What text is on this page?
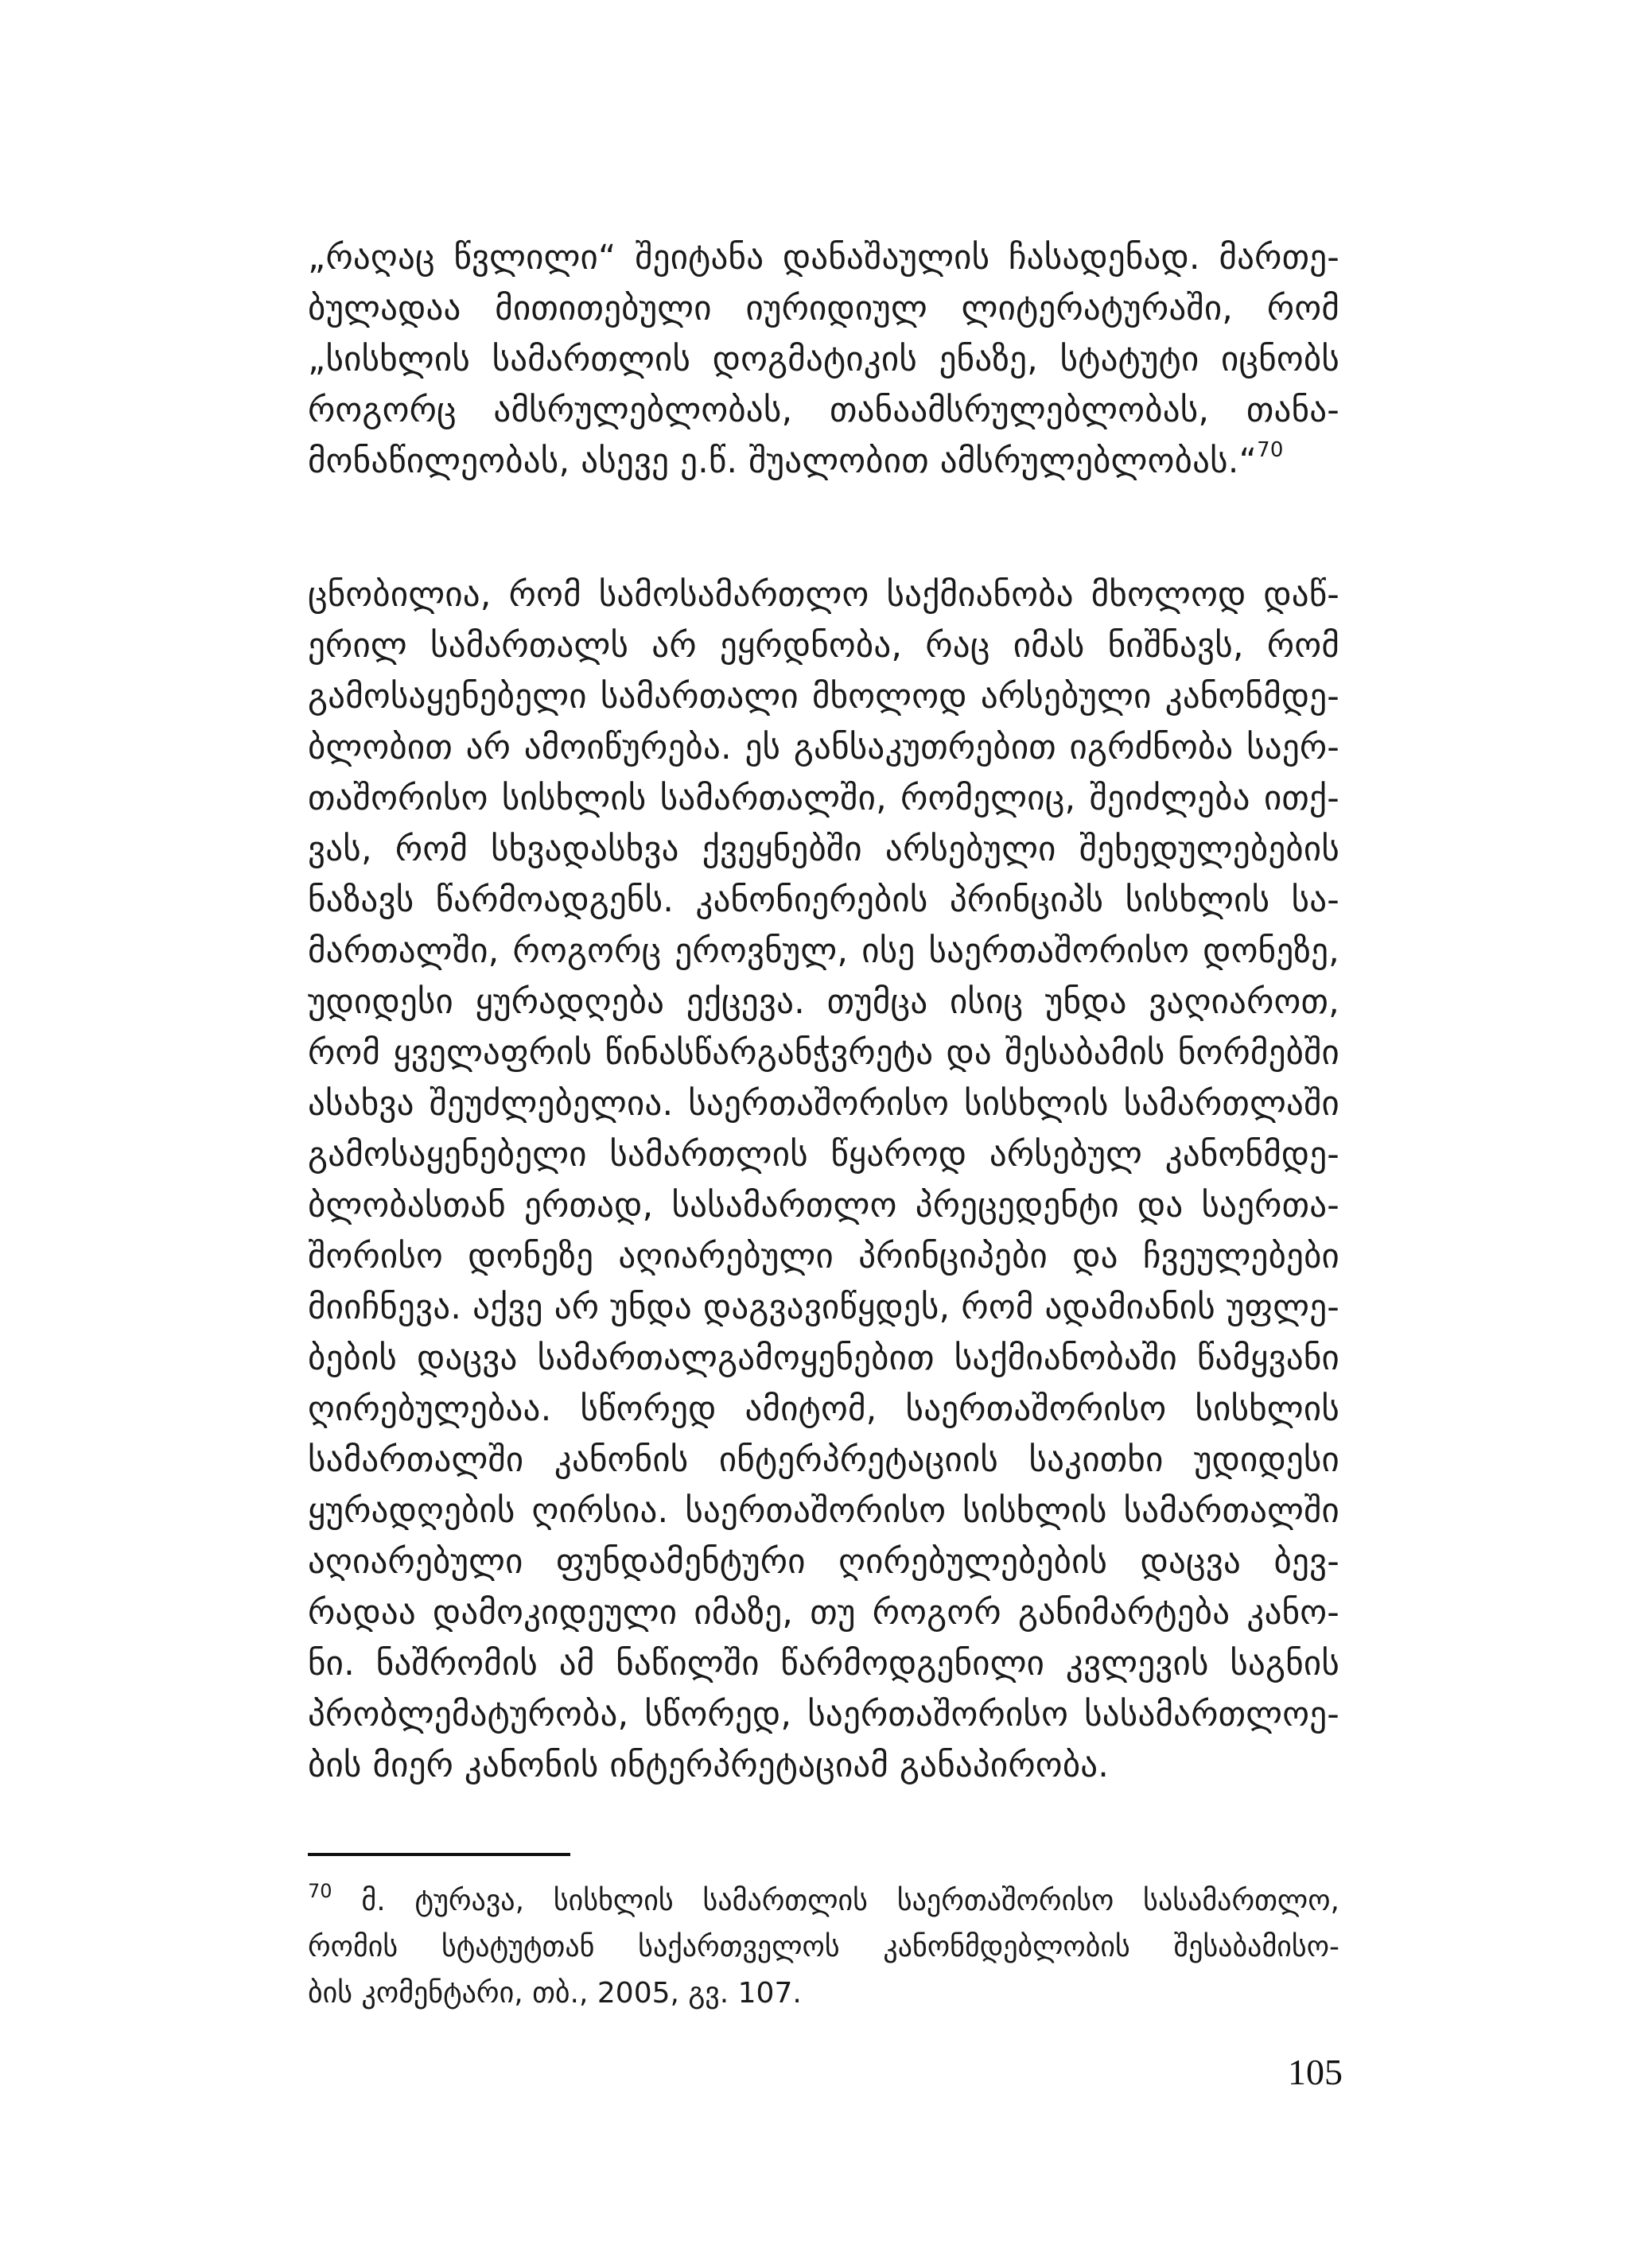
„რაღაც წვლილი“ შეიტანა დანაშაულის ჩასადენად. მართე-
ბულადაა მითითებული იურიდიულ ლიტერატურაში, რომ
„სისხლის სამართლის დოგმატიკის ენაზე, სტატუტი იცნობს
როგორც ამსრულებლობას, თანაამსრულებლობას, თანა-
მონაწილეობას, ასევე ე.წ. შუალობით ამსრულებლობას.“$^{70}$
ცნობილია, რომ სამოსამართლო საქმიანობა მხოლოდ დაწ-
ერილ სამართალს არ ეყრდნობა, რაც იმას ნიშნავს, რომ
გამოსაყენებელი სამართალი მხოლოდ არსებული კანონმდე-
ბლობით არ ამოიწურება. ეს განსაკუთრებით იგრძნობა საერ-
თაშორისო სისხლის სამართალში, რომელიც, შეიძლება ითქ-
ვას, რომ სხვადასხვა ქვეყნებში არსებული შეხედულებების
ნაზავს წარმოადგენს. კანონიერების პრინციპს სისხლის სა-
მართალში, როგორც ეროვნულ, ისე საერთაშორისო დონეზე,
უდიდესი ყურადღება ექცევა. თუმცა ისიც უნდა ვაღიაროთ,
რომ ყველაფრის წინასწარგანჭვრეტა და შესაბამის ნორმებში
ასახვა შეუძლებელია. საერთაშორისო სისხლის სამართლაში
გამოსაყენებელი სამართლის წყაროდ არსებულ კანონმდე-
ბლობასთან ერთად, სასამართლო პრეცედენტი და საერთა-
შორისო დონეზე აღიარებული პრინციპები და ჩვეულებები
მიიჩნევა. აქვე არ უნდა დაგვავიწყდეს, რომ ადამიანის უფლე-
ბების დაცვა სამართალგამოყენებით საქმიანობაში წამყვანი
ღირებულებაა. სწორედ ამიტომ, საერთაშორისო სისხლის
სამართალში კანონის ინტერპრეტაციის საკითხი უდიდესი
ყურადღების ღირსია. საერთაშორისო სისხლის სამართალში
აღიარებული ფუნდამენტური ღირებულებების დაცვა ბევ-
რადაა დამოკიდეული იმაზე, თუ როგორ განიმარტება კანო-
ნი. ნაშრომის ამ ნაწილში წარმოდგენილი კვლევის საგნის
პრობლემატურობა, სწორედ, საერთაშორისო სასამართლოე-
ბის მიერ კანონის ინტერპრეტაციამ განაპირობა.
$^{70}$ მ. ტურავა, სისხლის სამართლის საერთაშორისო სასამართლო,
რომის სტატუტთან საქართველოს კანონმდებლობის შესაბამისო-
ბის კომენტარი, თბ., 2005, გვ. 107.
105
